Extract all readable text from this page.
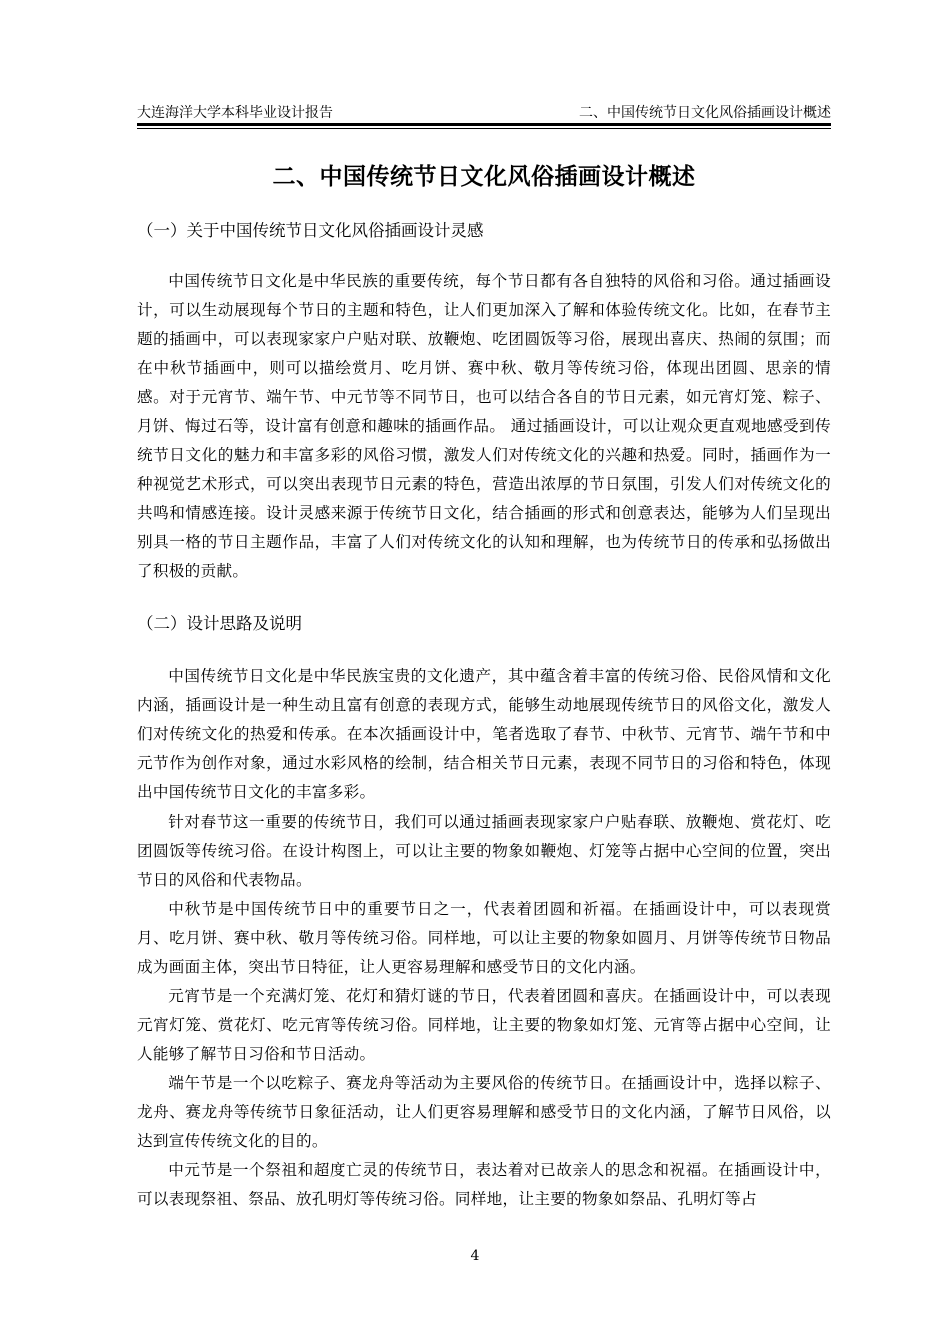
大连海洋大学本科毕业设计报告	二、中国传统节日文化风俗插画设计概述
二、中国传统节日文化风俗插画设计概述
（一）关于中国传统节日文化风俗插画设计灵感

中国传统节日文化是中华民族的重要传统，每个节日都有各自独特的风俗和习俗。通过插画设计，可以生动展现每个节日的主题和特色，让人们更加深入了解和体验传统文化。比如，在春节主题的插画中，可以表现家家户户贴对联、放鞭炮、吃团圆饭等习俗，展现出喜庆、热闹的氛围；而在中秋节插画中，则可以描绘赏月、吃月饼、赛中秋、敬月等传统习俗，体现出团圆、思亲的情感。对于元宵节、端午节、中元节等不同节日，也可以结合各自的节日元素，如元宵灯笼、粽子、月饼、悔过石等，设计富有创意和趣味的插画作品。 通过插画设计，可以让观众更直观地感受到传统节日文化的魅力和丰富多彩的风俗习惯，激发人们对传统文化的兴趣和热爱。同时，插画作为一种视觉艺术形式，可以突出表现节日元素的特色，营造出浓厚的节日氛围，引发人们对传统文化的共鸣和情感连接。设计灵感来源于传统节日文化，结合插画的形式和创意表达，能够为人们呈现出别具一格的节日主题作品，丰富了人们对传统文化的认知和理解，也为传统节日的传承和弘扬做出了积极的贡献。

（二）设计思路及说明

中国传统节日文化是中华民族宝贵的文化遗产，其中蕴含着丰富的传统习俗、民俗风情和文化内涵，插画设计是一种生动且富有创意的表现方式，能够生动地展现传统节日的风俗文化，激发人们对传统文化的热爱和传承。在本次插画设计中，笔者选取了春节、中秋节、元宵节、端午节和中元节作为创作对象，通过水彩风格的绘制，结合相关节日元素，表现不同节日的习俗和特色，体现出中国传统节日文化的丰富多彩。

针对春节这一重要的传统节日，我们可以通过插画表现家家户户贴春联、放鞭炮、赏花灯、吃团圆饭等传统习俗。在设计构图上，可以让主要的物象如鞭炮、灯笼等占据中心空间的位置，突出节日的风俗和代表物品。

中秋节是中国传统节日中的重要节日之一，代表着团圆和祈福。在插画设计中，可以表现赏月、吃月饼、赛中秋、敬月等传统习俗。同样地，可以让主要的物象如圆月、月饼等传统节日物品成为画面主体，突出节日特征，让人更容易理解和感受节日的文化内涵。

元宵节是一个充满灯笼、花灯和猜灯谜的节日，代表着团圆和喜庆。在插画设计中，可以表现元宵灯笼、赏花灯、吃元宵等传统习俗。同样地，让主要的物象如灯笼、元宵等占据中心空间，让人能够了解节日习俗和节日活动。

端午节是一个以吃粽子、赛龙舟等活动为主要风俗的传统节日。在插画设计中，选择以粽子、龙舟、赛龙舟等传统节日象征活动，让人们更容易理解和感受节日的文化内涵，了解节日风俗，以达到宣传传统文化的目的。

中元节是一个祭祖和超度亡灵的传统节日，表达着对已故亲人的思念和祝福。在插画设计中，可以表现祭祖、祭品、放孔明灯等传统习俗。同样地，让主要的物象如祭品、孔明灯等占

4
